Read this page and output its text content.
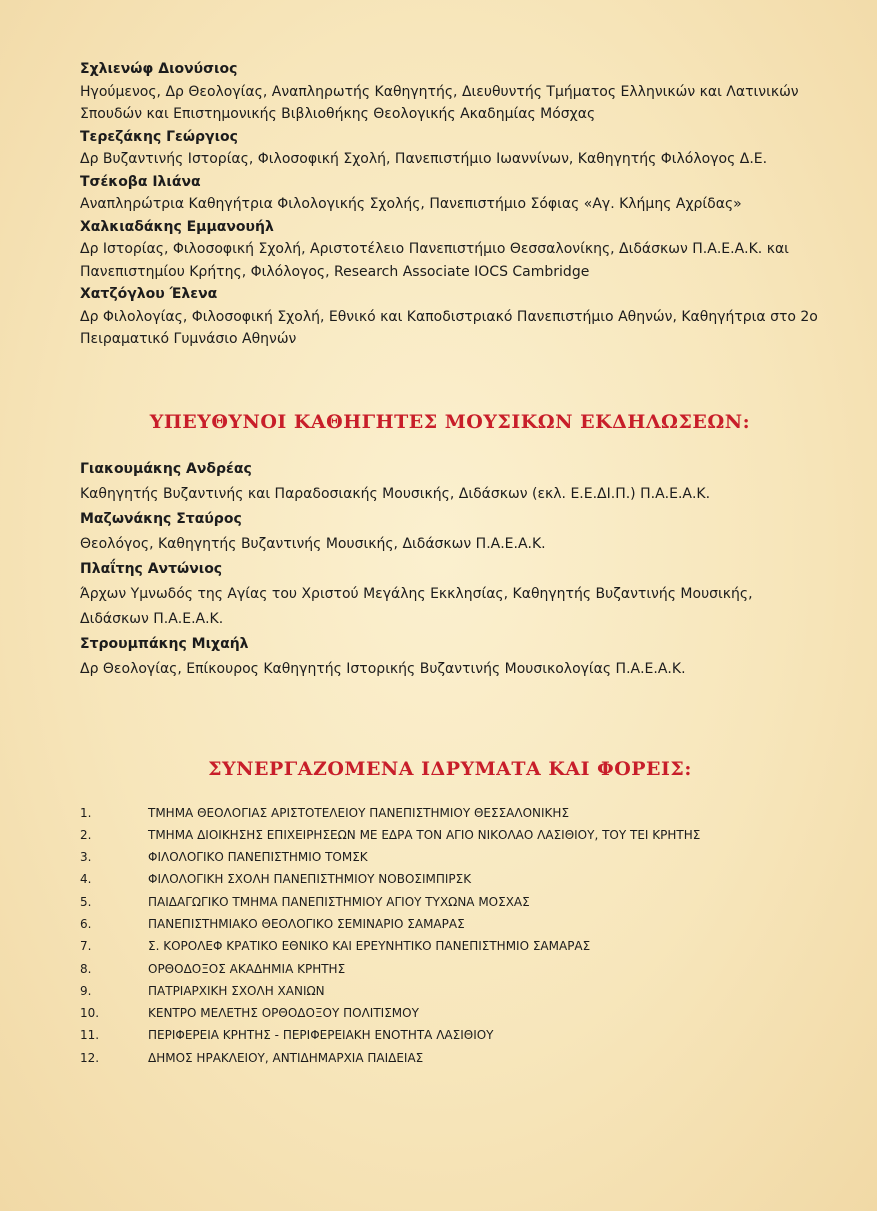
Σχλιενώφ Διονύσιος
Ηγούμενος, Δρ Θεολογίας, Αναπληρωτής Καθηγητής, Διευθυντής Τμήματος Ελληνικών και Λατινικών Σπουδών και Επιστημονικής Βιβλιοθήκης Θεολογικής Ακαδημίας Μόσχας
Τερεζάκης Γεώργιος
Δρ Βυζαντινής Ιστορίας, Φιλοσοφική Σχολή, Πανεπιστήμιο Ιωαννίνων, Καθηγητής Φιλόλογος Δ.Ε.
Τσέκοβα Ιλιάνα
Αναπληρώτρια Καθηγήτρια Φιλολογικής Σχολής, Πανεπιστήμιο Σόφιας «Αγ. Κλήμης Αχρίδας»
Χαλκιαδάκης Εμμανουήλ
Δρ Ιστορίας, Φιλοσοφική Σχολή, Αριστοτέλειο Πανεπιστήμιο Θεσσαλονίκης, Διδάσκων Π.Α.Ε.Α.Κ. και Πανεπιστημίου Κρήτης, Φιλόλογος, Research Associate IOCS Cambridge
Χατζόγλου Έλενα
Δρ Φιλολογίας, Φιλοσοφική Σχολή, Εθνικό και Καποδιστριακό Πανεπιστήμιο Αθηνών, Καθηγήτρια στο 2ο Πειραματικό Γυμνάσιο Αθηνών
ΥΠΕΥΘΥΝΟΙ ΚΑΘΗΓΗΤΕΣ ΜΟΥΣΙΚΩΝ ΕΚΔΗΛΩΣΕΩΝ:
Γιακουμάκης Ανδρέας
Καθηγητής Βυζαντινής και Παραδοσιακής Μουσικής, Διδάσκων (εκλ. Ε.Ε.ΔΙ.Π.) Π.Α.Ε.Α.Κ.
Μαζωνάκης Σταύρος
Θεολόγος, Καθηγητής Βυζαντινής Μουσικής, Διδάσκων Π.Α.Ε.Α.Κ.
Πλαΐτης Αντώνιος
Άρχων Υμνωδός της Αγίας του Χριστού Μεγάλης Εκκλησίας, Καθηγητής Βυζαντινής Μουσικής, Διδάσκων Π.Α.Ε.Α.Κ.
Στρουμπάκης Μιχαήλ
Δρ Θεολογίας, Επίκουρος Καθηγητής Ιστορικής Βυζαντινής Μουσικολογίας Π.Α.Ε.Α.Κ.
ΣΥΝΕΡΓΑΖΟΜΕΝΑ ΙΔΡΥΜΑΤΑ ΚΑΙ ΦΟΡΕΙΣ:
1.	ΤΜΗΜΑ ΘΕΟΛΟΓΙΑΣ ΑΡΙΣΤΟΤΕΛΕΙΟΥ ΠΑΝΕΠΙΣΤΗΜΙΟΥ ΘΕΣΣΑΛΟΝΙΚΗΣ
2.	ΤΜΗΜΑ ΔΙΟΙΚΗΣΗΣ ΕΠΙΧΕΙΡΗΣΕΩΝ ΜΕ ΕΔΡΑ ΤΟΝ ΑΓΙΟ ΝΙΚΟΛΑΟ ΛΑΣΙΘΙΟΥ, ΤΟΥ ΤΕΙ ΚΡΗΤΗΣ
3.	ΦΙΛΟΛΟΓΙΚΟ ΠΑΝΕΠΙΣΤΗΜΙΟ ΤΟΜΣΚ
4.	ΦΙΛΟΛΟΓΙΚΗ ΣΧΟΛΗ ΠΑΝΕΠΙΣΤΗΜΙΟΥ ΝΟΒΟΣΙΜΠΙΡΣΚ
5.	ΠΑΙΔΑΓΩΓΙΚΟ ΤΜΗΜΑ ΠΑΝΕΠΙΣΤΗΜΙΟΥ ΑΓΙΟΥ ΤΥΧΩΝΑ ΜΟΣΧΑΣ
6.	ΠΑΝΕΠΙΣΤΗΜΙΑΚΟ ΘΕΟΛΟΓΙΚΟ ΣΕΜΙΝΑΡΙΟ ΣΑΜΑΡΑΣ
7.	Σ. ΚΟΡΟΛΕΦ ΚΡΑΤΙΚΟ ΕΘΝΙΚΟ ΚΑΙ ΕΡΕΥΝΗΤΙΚΟ ΠΑΝΕΠΙΣΤΗΜΙΟ ΣΑΜΑΡΑΣ
8.	ΟΡΘΟΔΟΞΟΣ ΑΚΑΔΗΜΙΑ ΚΡΗΤΗΣ
9.	ΠΑΤΡΙΑΡΧΙΚΗ ΣΧΟΛΗ ΧΑΝΙΩΝ
10.	ΚΕΝΤΡΟ ΜΕΛΕΤΗΣ ΟΡΘΟΔΟΞΟΥ ΠΟΛΙΤΙΣΜΟΥ
11.	ΠΕΡΙΦΕΡΕΙΑ ΚΡΗΤΗΣ - ΠΕΡΙΦΕΡΕΙΑΚΗ ΕΝΟΤΗΤΑ ΛΑΣΙΘΙΟΥ
12.	ΔΗΜΟΣ ΗΡΑΚΛΕΙΟΥ, ΑΝΤΙΔΗΜΑΡΧΙΑ ΠΑΙΔΕΙΑΣ
